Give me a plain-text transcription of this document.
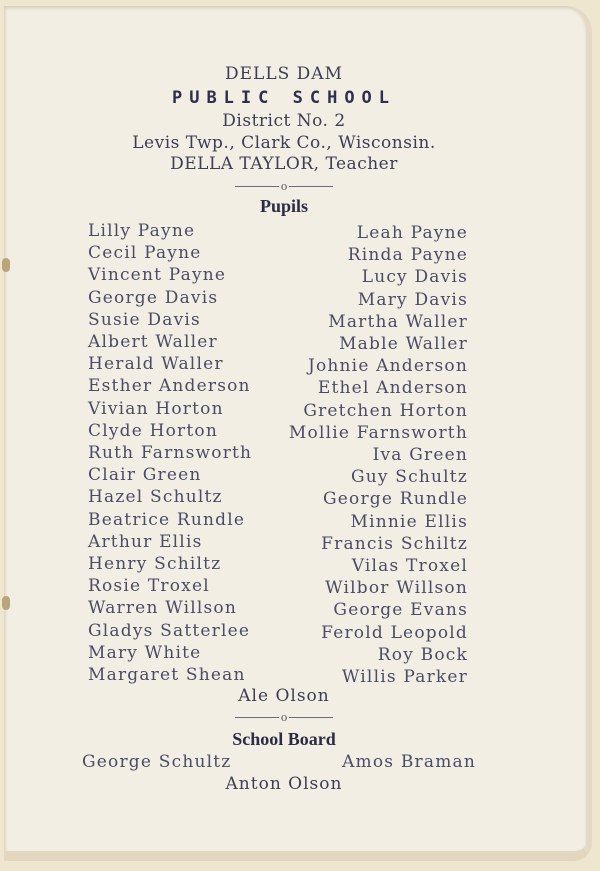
DELLS DAM
PUBLIC SCHOOL
District No. 2
Levis Twp., Clark Co., Wisconsin.
DELLA TAYLOR, Teacher
o
Pupils
Lilly Payne	Leah Payne
Cecil Payne	Rinda Payne
Vincent Payne	Lucy Davis
George Davis	Mary Davis
Susie Davis	Martha Waller
Albert Waller	Mable Waller
Herald Waller	Johnie Anderson
Esther Anderson	Ethel Anderson
Vivian Horton	Gretchen Horton
Clyde Horton	Mollie Farnsworth
Ruth Farnsworth	Iva Green
Clair Green	Guy Schultz
Hazel Schultz	George Rundle
Beatrice Rundle	Minnie Ellis
Arthur Ellis	Francis Schiltz
Henry Schiltz	Vilas Troxel
Rosie Troxel	Wilbor Willson
Warren Willson	George Evans
Gladys Satterlee	Ferold Leopold
Mary White	Roy Bock
Margaret Shean	Willis Parker
Ale Olson
o
School Board
George Schultz	Amos Braman
Anton Olson
